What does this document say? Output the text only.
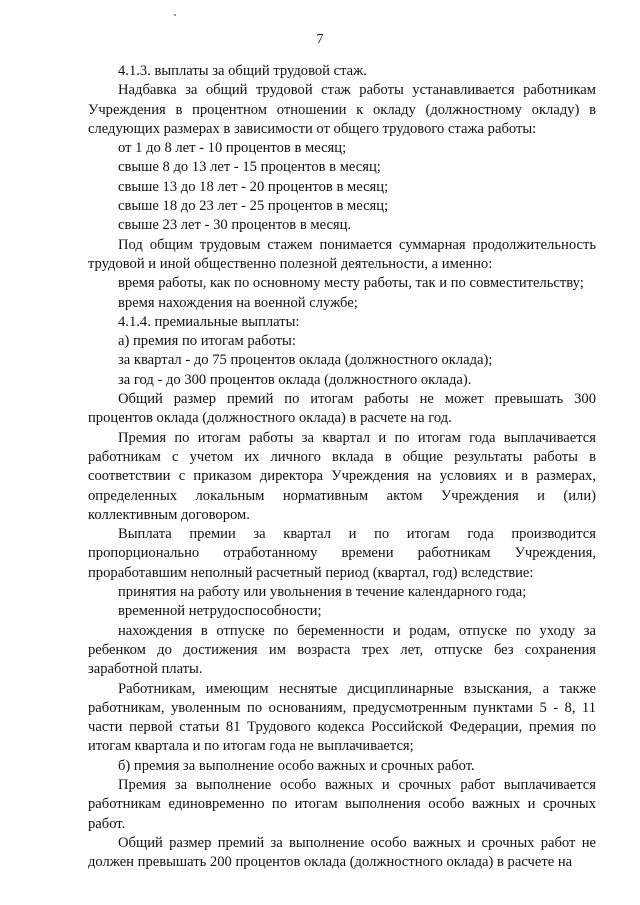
7

4.1.3. выплаты за общий трудовой стаж.

Надбавка за общий трудовой стаж работы устанавливается работникам Учреждения в процентном отношении к окладу (должностному окладу) в следующих размерах в зависимости от общего трудового стажа работы:

от 1 до 8 лет - 10 процентов в месяц;

свыше 8 до 13 лет - 15 процентов в месяц;

свыше 13 до 18 лет - 20 процентов в месяц;

свыше 18 до 23 лет - 25 процентов в месяц;

свыше 23 лет - 30 процентов в месяц.

Под общим трудовым стажем понимается суммарная продолжительность трудовой и иной общественно полезной деятельности, а именно:

время работы, как по основному месту работы, так и по совместительству;

время нахождения на военной службе;

4.1.4. премиальные выплаты:

а) премия по итогам работы:

за квартал - до 75 процентов оклада (должностного оклада);

за год - до 300 процентов оклада (должностного оклада).

Общий размер премий по итогам работы не может превышать 300 процентов оклада (должностного оклада) в расчете на год.

Премия по итогам работы за квартал и по итогам года выплачивается работникам с учетом их личного вклада в общие результаты работы в соответствии с приказом директора Учреждения на условиях и в размерах, определенных локальным нормативным актом Учреждения и (или) коллективным договором.

Выплата премии за квартал и по итогам года производится пропорционально отработанному времени работникам Учреждения, проработавшим неполный расчетный период (квартал, год) вследствие:

принятия на работу или увольнения в течение календарного года;

временной нетрудоспособности;

нахождения в отпуске по беременности и родам, отпуске по уходу за ребенком до достижения им возраста трех лет, отпуске без сохранения заработной платы.

Работникам, имеющим неснятые дисциплинарные взыскания, а также работникам, уволенным по основаниям, предусмотренным пунктами 5 - 8, 11 части первой статьи 81 Трудового кодекса Российской Федерации, премия по итогам квартала и по итогам года не выплачивается;

б) премия за выполнение особо важных и срочных работ.

Премия за выполнение особо важных и срочных работ выплачивается работникам единовременно по итогам выполнения особо важных и срочных работ.

Общий размер премий за выполнение особо важных и срочных работ не должен превышать 200 процентов оклада (должностного оклада) в расчете на
